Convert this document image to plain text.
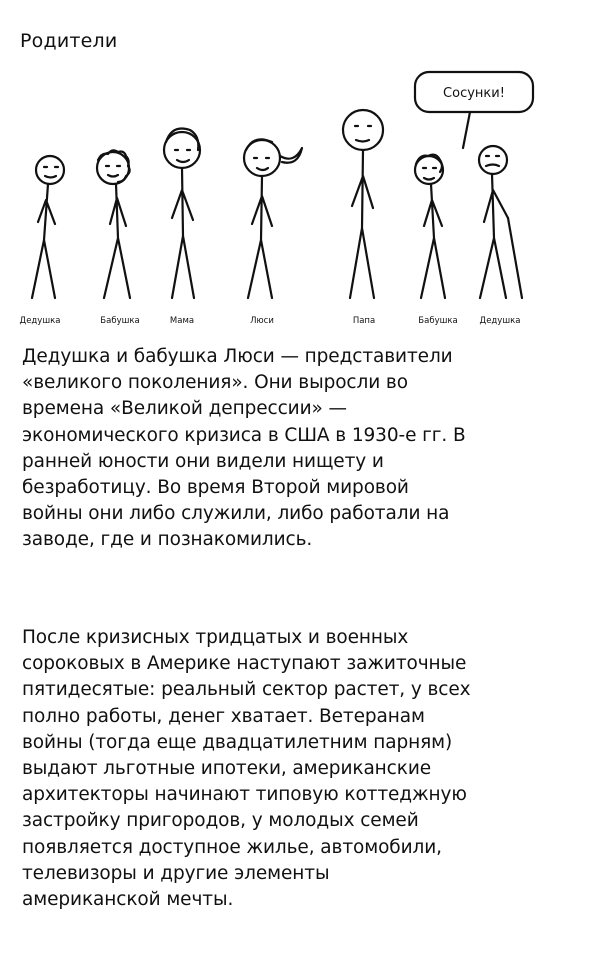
Родители
Сосунки!
Дедушка	Бабушка	Мама	Люси	Папа	Бабушка	Дедушка

Дедушка и бабушка Люси — представители
«великого поколения». Они выросли во
времена «Великой депрессии» —
экономического кризиса в США в 1930-е гг. В
ранней юности они видели нищету и
безработицу. Во время Второй мировой
войны они либо служили, либо работали на
заводе, где и познакомились.

После кризисных тридцатых и военных
сороковых в Америке наступают зажиточные
пятидесятые: реальный сектор растет, у всех
полно работы, денег хватает. Ветеранам
войны (тогда еще двадцатилетним парням)
выдают льготные ипотеки, американские
архитекторы начинают типовую коттеджную
застройку пригородов, у молодых семей
появляется доступное жилье, автомобили,
телевизоры и другие элементы
американской мечты.
